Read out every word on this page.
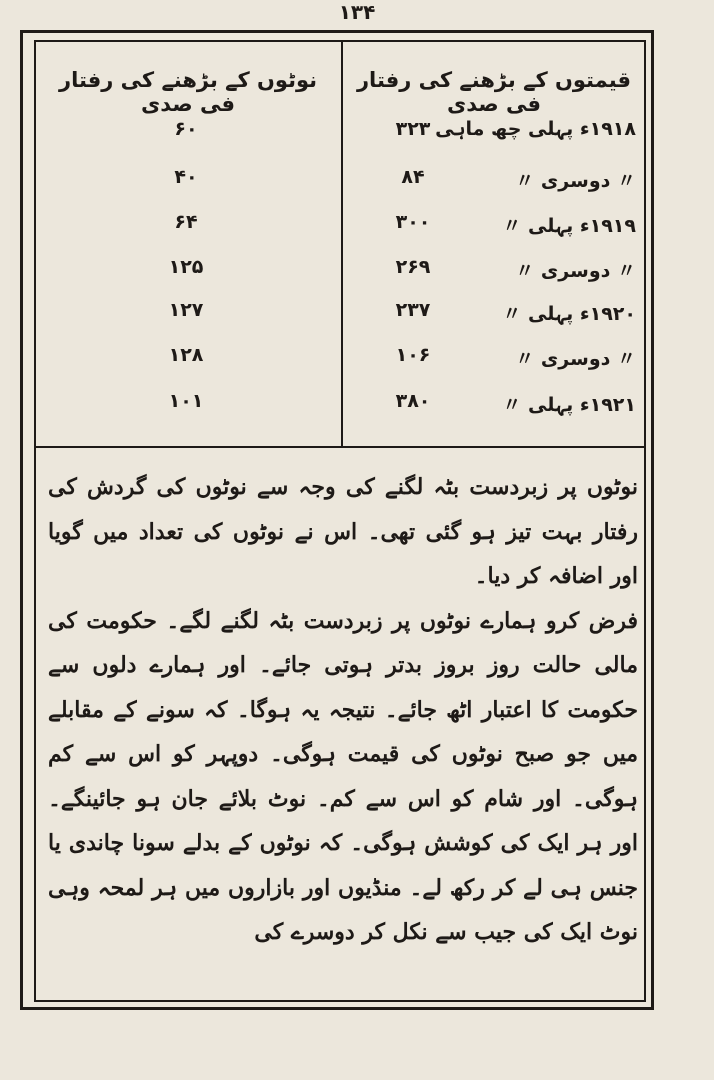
۱۳۴
قیمتوں کے بڑھنے کی رفتار فی صدی
نوٹوں کے بڑھنے کی رفتار فی صدی
۱۹۱۸ء پہلی چھ ماہی
۳۲۳
۶۰
〃 دوسری 〃
۸۴
۴۰
۱۹۱۹ء پہلی 〃
۳۰۰
۶۴
〃 دوسری 〃
۲۶۹
۱۲۵
۱۹۲۰ء پہلی 〃
۲۳۷
۱۲۷
〃 دوسری 〃
۱۰۶
۱۲۸
۱۹۲۱ء پہلی 〃
۳۸۰
۱۰۱

نوٹوں پر زبردست بٹہ لگنے کی وجہ سے نوٹوں کی گردش کی رفتار بہت تیز ہو گئی تھی۔ اس نے نوٹوں کی تعداد میں گویا اور اضافہ کر دیا۔

فرض کرو ہمارے نوٹوں پر زبردست بٹہ لگنے لگے۔ حکومت کی مالی حالت روز بروز بدتر ہوتی جائے۔ اور ہمارے دلوں سے حکومت کا اعتبار اٹھ جائے۔ نتیجہ یہ ہوگا۔ کہ سونے کے مقابلے میں جو صبح نوٹوں کی قیمت ہوگی۔ دوپہر کو اس سے کم ہوگی۔ اور شام کو اس سے کم۔ نوٹ بلائے جان ہو جائینگے۔ اور ہر ایک کی کوشش ہوگی۔ کہ نوٹوں کے بدلے سونا چاندی یا جنس ہی لے کر رکھ لے۔ منڈیوں اور بازاروں میں ہر لمحہ وہی نوٹ ایک کی جیب سے نکل کر دوسرے کی
